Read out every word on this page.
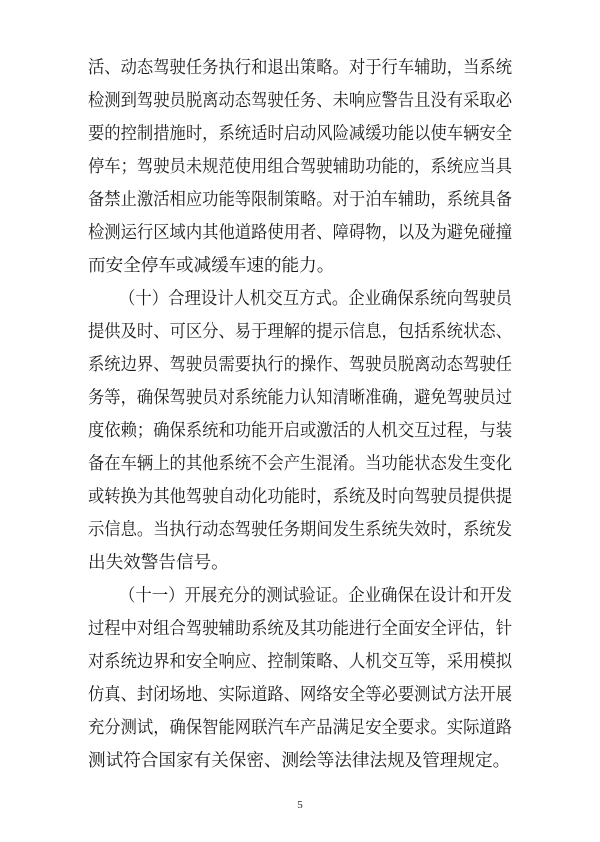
活、动态驾驶任务执行和退出策略。对于行车辅助，当系统
检测到驾驶员脱离动态驾驶任务、未响应警告且没有采取必
要的控制措施时，系统适时启动风险减缓功能以使车辆安全
停车；驾驶员未规范使用组合驾驶辅助功能的，系统应当具
备禁止激活相应功能等限制策略。对于泊车辅助，系统具备
检测运行区域内其他道路使用者、障碍物，以及为避免碰撞
而安全停车或减缓车速的能力。
（十）合理设计人机交互方式。企业确保系统向驾驶员
提供及时、可区分、易于理解的提示信息，包括系统状态、
系统边界、驾驶员需要执行的操作、驾驶员脱离动态驾驶任
务等，确保驾驶员对系统能力认知清晰准确，避免驾驶员过
度依赖；确保系统和功能开启或激活的人机交互过程，与装
备在车辆上的其他系统不会产生混淆。当功能状态发生变化
或转换为其他驾驶自动化功能时，系统及时向驾驶员提供提
示信息。当执行动态驾驶任务期间发生系统失效时，系统发
出失效警告信号。
（十一）开展充分的测试验证。企业确保在设计和开发
过程中对组合驾驶辅助系统及其功能进行全面安全评估，针
对系统边界和安全响应、控制策略、人机交互等，采用模拟
仿真、封闭场地、实际道路、网络安全等必要测试方法开展
充分测试，确保智能网联汽车产品满足安全要求。实际道路
测试符合国家有关保密、测绘等法律法规及管理规定。
5
